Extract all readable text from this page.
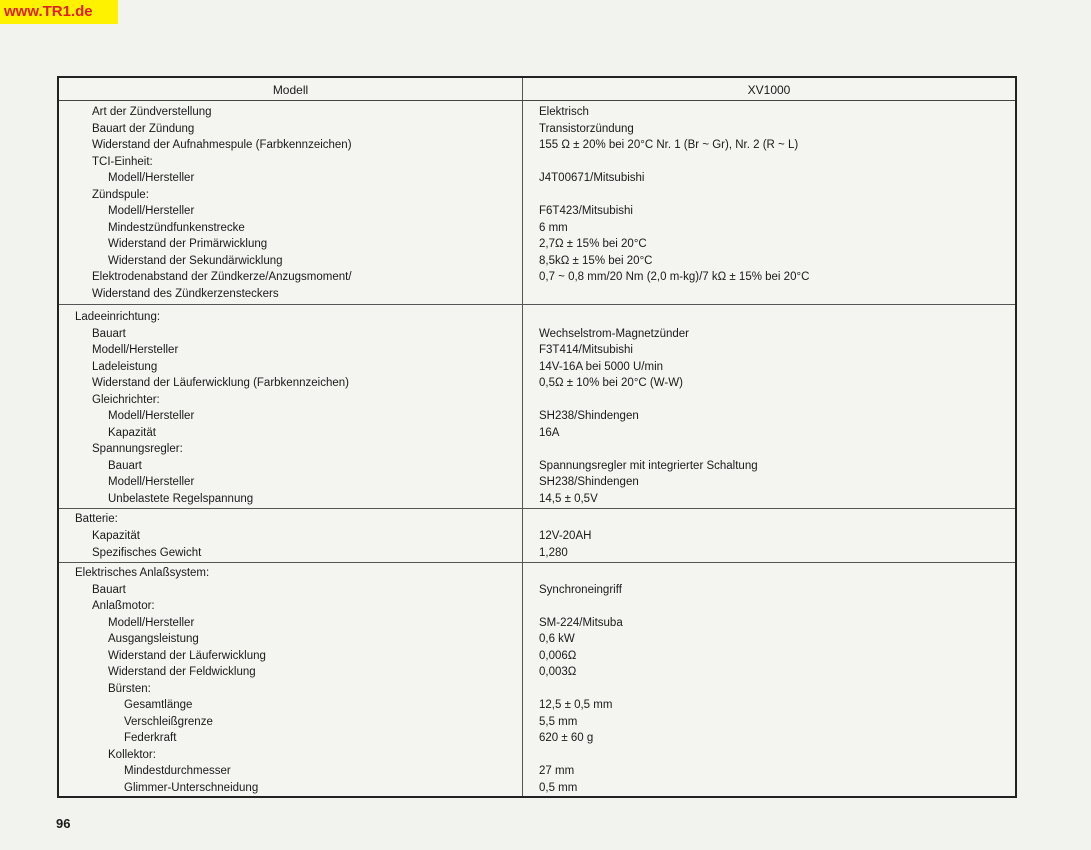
www.TR1.de
Modell	XV1000
Art der Zündverstellung	Elektrisch
Bauart der Zündung	Transistorzündung
Widerstand der Aufnahmespule (Farbkennzeichen)	155 Ω ± 20% bei 20°C Nr. 1 (Br ~ Gr), Nr. 2 (R ~ L)
TCI-Einheit:
Modell/Hersteller	J4T00671/Mitsubishi
Zündspule:
Modell/Hersteller	F6T423/Mitsubishi
Mindestzündfunkenstrecke	6 mm
Widerstand der Primärwicklung	2,7Ω ± 15% bei 20°C
Widerstand der Sekundärwicklung	8,5kΩ ± 15% bei 20°C
Elektrodenabstand der Zündkerze/Anzugsmoment/	0,7 ~ 0,8 mm/20 Nm (2,0 m-kg)/7 kΩ ± 15% bei 20°C
Widerstand des Zündkerzensteckers
Ladeeinrichtung:
Bauart	Wechselstrom-Magnetzünder
Modell/Hersteller	F3T414/Mitsubishi
Ladeleistung	14V-16A bei 5000 U/min
Widerstand der Läuferwicklung (Farbkennzeichen)	0,5Ω ± 10% bei 20°C (W-W)
Gleichrichter:
Modell/Hersteller	SH238/Shindengen
Kapazität	16A
Spannungsregler:
Bauart	Spannungsregler mit integrierter Schaltung
Modell/Hersteller	SH238/Shindengen
Unbelastete Regelspannung	14,5 ± 0,5V
Batterie:
Kapazität	12V-20AH
Spezifisches Gewicht	1,280
Elektrisches Anlaßsystem:
Bauart	Synchroneingriff
Anlaßmotor:
Modell/Hersteller	SM-224/Mitsuba
Ausgangsleistung	0,6 kW
Widerstand der Läuferwicklung	0,006Ω
Widerstand der Feldwicklung	0,003Ω
Bürsten:
Gesamtlänge	12,5 ± 0,5 mm
Verschleißgrenze	5,5 mm
Federkraft	620 ± 60 g
Kollektor:
Mindestdurchmesser	27 mm
Glimmer-Unterschneidung	0,5 mm
96
